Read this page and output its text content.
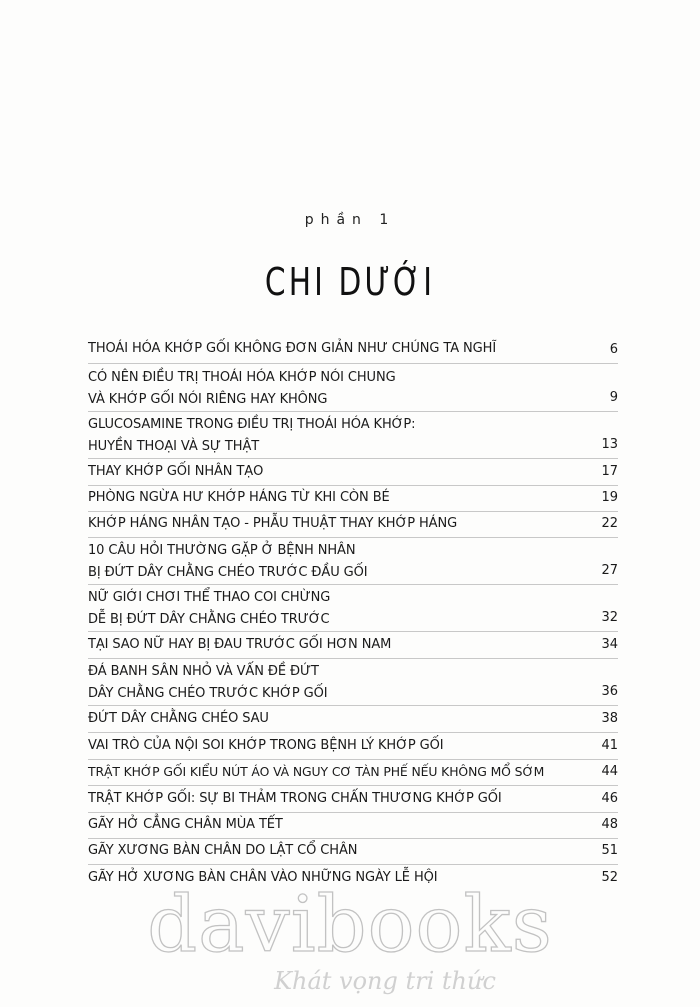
phần 1
CHI DƯỚI
THOÁI HÓA KHỚP GỐI KHÔNG ĐƠN GIẢN NHƯ CHÚNG TA NGHĨ	6
CÓ NÊN ĐIỀU TRỊ THOÁI HÓA KHỚP NÓI CHUNG
VÀ KHỚP GỐI NÓI RIÊNG HAY KHÔNG	9
GLUCOSAMINE TRONG ĐIỀU TRỊ THOÁI HÓA KHỚP:
HUYỀN THOẠI VÀ SỰ THẬT	13
THAY KHỚP GỐI NHÂN TẠO	17
PHÒNG NGỪA HƯ KHỚP HÁNG TỪ KHI CÒN BÉ	19
KHỚP HÁNG NHÂN TẠO - PHẪU THUẬT THAY KHỚP HÁNG	22
10 CÂU HỎI THƯỜNG GẶP Ở BỆNH NHÂN
BỊ ĐỨT DÂY CHẰNG CHÉO TRƯỚC ĐẦU GỐI	27
NỮ GIỚI CHƠI THỂ THAO COI CHỪNG
DỄ BỊ ĐỨT DÂY CHẰNG CHÉO TRƯỚC	32
TẠI SAO NỮ HAY BỊ ĐAU TRƯỚC GỐI HƠN NAM	34
ĐÁ BANH SÂN NHỎ VÀ VẤN ĐỀ ĐỨT
DÂY CHẰNG CHÉO TRƯỚC KHỚP GỐI	36
ĐỨT DÂY CHẰNG CHÉO SAU	38
VAI TRÒ CỦA NỘI SOI KHỚP TRONG BỆNH LÝ KHỚP GỐI	41
TRẬT KHỚP GỐI KIỂU NÚT ÁO VÀ NGUY CƠ TÀN PHẾ NẾU KHÔNG MỔ SỚM	44
TRẬT KHỚP GỐI: SỰ BI THẢM TRONG CHẤN THƯƠNG KHỚP GỐI	46
GÃY HỞ CẲNG CHÂN MÙA TẾT	48
GÃY XƯƠNG BÀN CHÂN DO LẬT CỔ CHÂN	51
GÃY HỞ XƯƠNG BÀN CHÂN VÀO NHỮNG NGÀY LỄ HỘI	52
davibooks
Khát vọng tri thức
